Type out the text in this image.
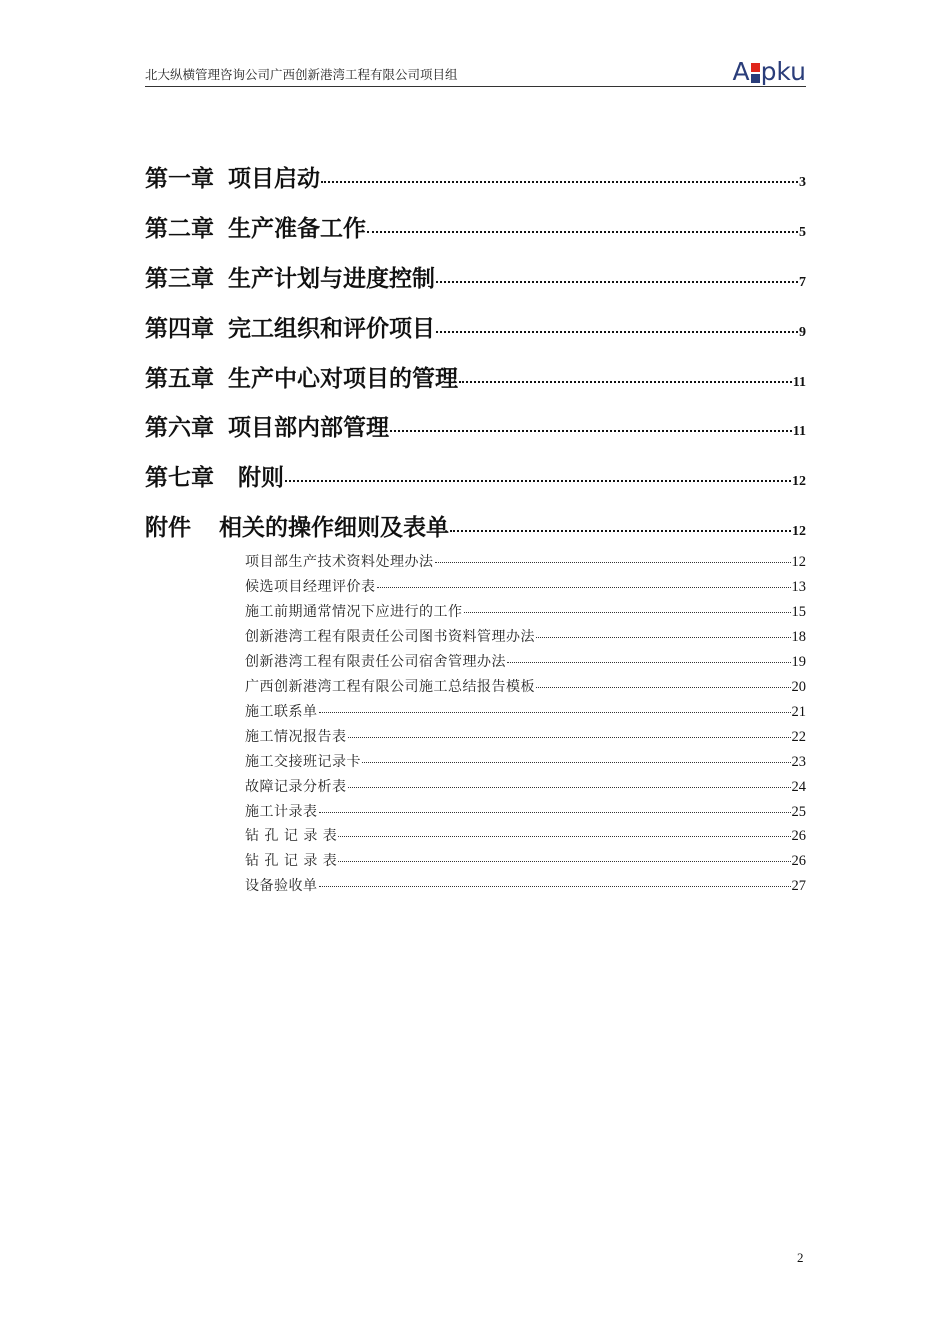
北大纵横管理咨询公司广西创新港湾工程有限公司项目组	A pku
第一章 项目启动	3
第二章 生产准备工作	5
第三章 生产计划与进度控制	7
第四章 完工组织和评价项目	9
第五章 生产中心对项目的管理	11
第六章 项目部内部管理	11
第七章 附则	12
附件 相关的操作细则及表单	12
项目部生产技术资料处理办法	12
候选项目经理评价表	13
施工前期通常情况下应进行的工作	15
创新港湾工程有限责任公司图书资料管理办法	18
创新港湾工程有限责任公司宿舍管理办法	19
广西创新港湾工程有限公司施工总结报告模板	20
施工联系单	21
施工情况报告表	22
施工交接班记录卡	23
故障记录分析表	24
施工计录表	25
钻 孔 记 录 表	26
钻 孔 记 录 表	26
设备验收单	27
2
